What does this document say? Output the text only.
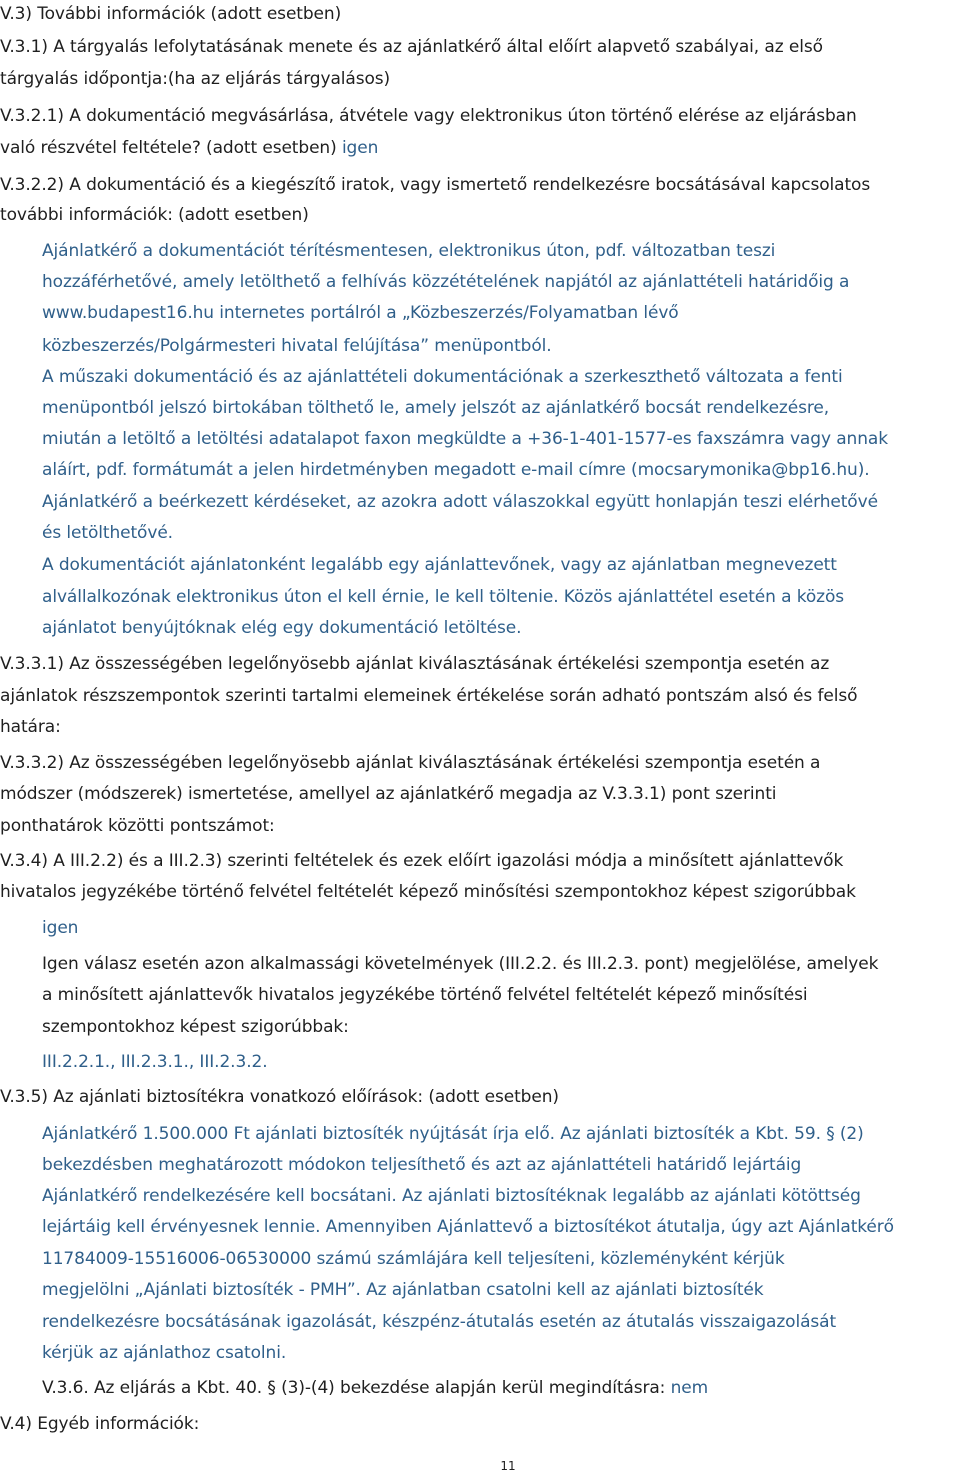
V.3) További információk (adott esetben)
V.3.1) A tárgyalás lefolytatásának menete és az ajánlatkérő által előírt alapvető szabályai, az első
tárgyalás időpontja:(ha az eljárás tárgyalásos)
V.3.2.1) A dokumentáció megvásárlása, átvétele vagy elektronikus úton történő elérése az eljárásban
való részvétel feltétele? (adott esetben) igen
V.3.2.2) A dokumentáció és a kiegészítő iratok, vagy ismertető rendelkezésre bocsátásával kapcsolatos
további információk: (adott esetben)
Ajánlatkérő a dokumentációt térítésmentesen, elektronikus úton, pdf. változatban teszi
hozzáférhetővé, amely letölthető a felhívás közzétételének napjától az ajánlattételi határidőig a
www.budapest16.hu internetes portálról a „Közbeszerzés/Folyamatban lévő
közbeszerzés/Polgármesteri hivatal felújítása” menüpontból.
A műszaki dokumentáció és az ajánlattételi dokumentációnak a szerkeszthető változata a fenti
menüpontból jelszó birtokában tölthető le, amely jelszót az ajánlatkérő bocsát rendelkezésre,
miután a letöltő a letöltési adatalapot faxon megküldte a +36-1-401-1577-es faxszámra vagy annak
aláírt, pdf. formátumát a jelen hirdetményben megadott e-mail címre (mocsarymonika@bp16.hu).
Ajánlatkérő a beérkezett kérdéseket, az azokra adott válaszokkal együtt honlapján teszi elérhetővé
és letölthetővé.
A dokumentációt ajánlatonként legalább egy ajánlattevőnek, vagy az ajánlatban megnevezett
alvállalkozónak elektronikus úton el kell érnie, le kell töltenie. Közös ajánlattétel esetén a közös
ajánlatot benyújtóknak elég egy dokumentáció letöltése.
V.3.3.1) Az összességében legelőnyösebb ajánlat kiválasztásának értékelési szempontja esetén az
ajánlatok részszempontok szerinti tartalmi elemeinek értékelése során adható pontszám alsó és felső
határa:
V.3.3.2) Az összességében legelőnyösebb ajánlat kiválasztásának értékelési szempontja esetén a
módszer (módszerek) ismertetése, amellyel az ajánlatkérő megadja az V.3.3.1) pont szerinti
ponthatárok közötti pontszámot:
V.3.4) A III.2.2) és a III.2.3) szerinti feltételek és ezek előírt igazolási módja a minősített ajánlattevők
hivatalos jegyzékébe történő felvétel feltételét képező minősítési szempontokhoz képest szigorúbbak
igen
Igen válasz esetén azon alkalmassági követelmények (III.2.2. és III.2.3. pont) megjelölése, amelyek
a minősített ajánlattevők hivatalos jegyzékébe történő felvétel feltételét képező minősítési
szempontokhoz képest szigorúbbak:
III.2.2.1., III.2.3.1., III.2.3.2.
V.3.5) Az ajánlati biztosítékra vonatkozó előírások: (adott esetben)
Ajánlatkérő 1.500.000 Ft ajánlati biztosíték nyújtását írja elő. Az ajánlati biztosíték a Kbt. 59. § (2)
bekezdésben meghatározott módokon teljesíthető és azt az ajánlattételi határidő lejártáig
Ajánlatkérő rendelkezésére kell bocsátani. Az ajánlati biztosítéknak legalább az ajánlati kötöttség
lejártáig kell érvényesnek lennie. Amennyiben Ajánlattevő a biztosítékot átutalja, úgy azt Ajánlatkérő
11784009-15516006-06530000 számú számlájára kell teljesíteni, közleményként kérjük
megjelölni „Ajánlati biztosíték - PMH”. Az ajánlatban csatolni kell az ajánlati biztosíték
rendelkezésre bocsátásának igazolását, készpénz-átutalás esetén az átutalás visszaigazolását
kérjük az ajánlathoz csatolni.
V.3.6. Az eljárás a Kbt. 40. § (3)-(4) bekezdése alapján kerül megindításra: nem
V.4) Egyéb információk:
11
